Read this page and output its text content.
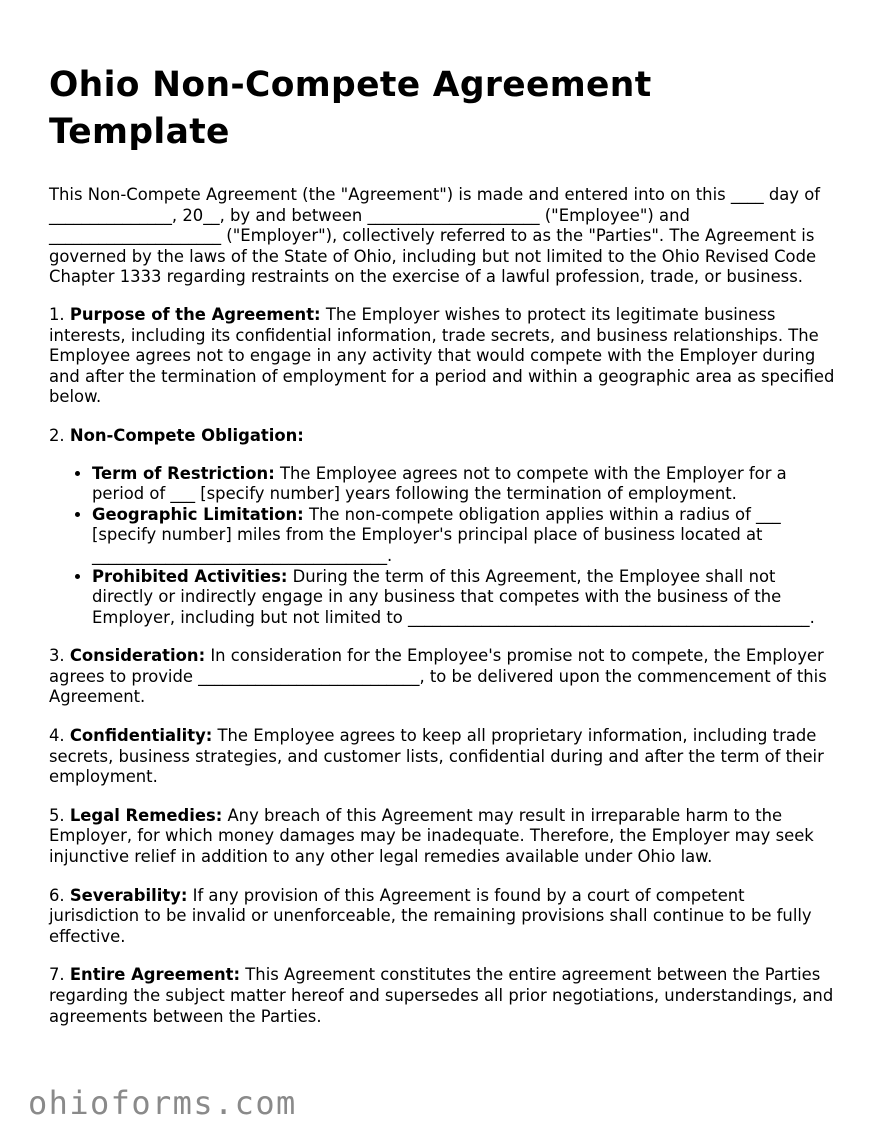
Ohio Non-Compete Agreement Template

This Non-Compete Agreement (the "Agreement") is made and entered into on this ____ day of _______________, 20__, by and between _____________________ ("Employee") and _____________________ ("Employer"), collectively referred to as the "Parties". The Agreement is governed by the laws of the State of Ohio, including but not limited to the Ohio Revised Code Chapter 1333 regarding restraints on the exercise of a lawful profession, trade, or business.

1. Purpose of the Agreement: The Employer wishes to protect its legitimate business interests, including its confidential information, trade secrets, and business relationships. The Employee agrees not to engage in any activity that would compete with the Employer during and after the termination of employment for a period and within a geographic area as specified below.

2. Non-Compete Obligation:

• Term of Restriction: The Employee agrees not to compete with the Employer for a period of ___ [specify number] years following the termination of employment.
• Geographic Limitation: The non-compete obligation applies within a radius of ___ [specify number] miles from the Employer's principal place of business located at ____________________________________.
• Prohibited Activities: During the term of this Agreement, the Employee shall not directly or indirectly engage in any business that competes with the business of the Employer, including but not limited to _________________________________________________.

3. Consideration: In consideration for the Employee's promise not to compete, the Employer agrees to provide ___________________________, to be delivered upon the commencement of this Agreement.

4. Confidentiality: The Employee agrees to keep all proprietary information, including trade secrets, business strategies, and customer lists, confidential during and after the term of their employment.

5. Legal Remedies: Any breach of this Agreement may result in irreparable harm to the Employer, for which money damages may be inadequate. Therefore, the Employer may seek injunctive relief in addition to any other legal remedies available under Ohio law.

6. Severability: If any provision of this Agreement is found by a court of competent jurisdiction to be invalid or unenforceable, the remaining provisions shall continue to be fully effective.

7. Entire Agreement: This Agreement constitutes the entire agreement between the Parties regarding the subject matter hereof and supersedes all prior negotiations, understandings, and agreements between the Parties.

ohioforms.com
